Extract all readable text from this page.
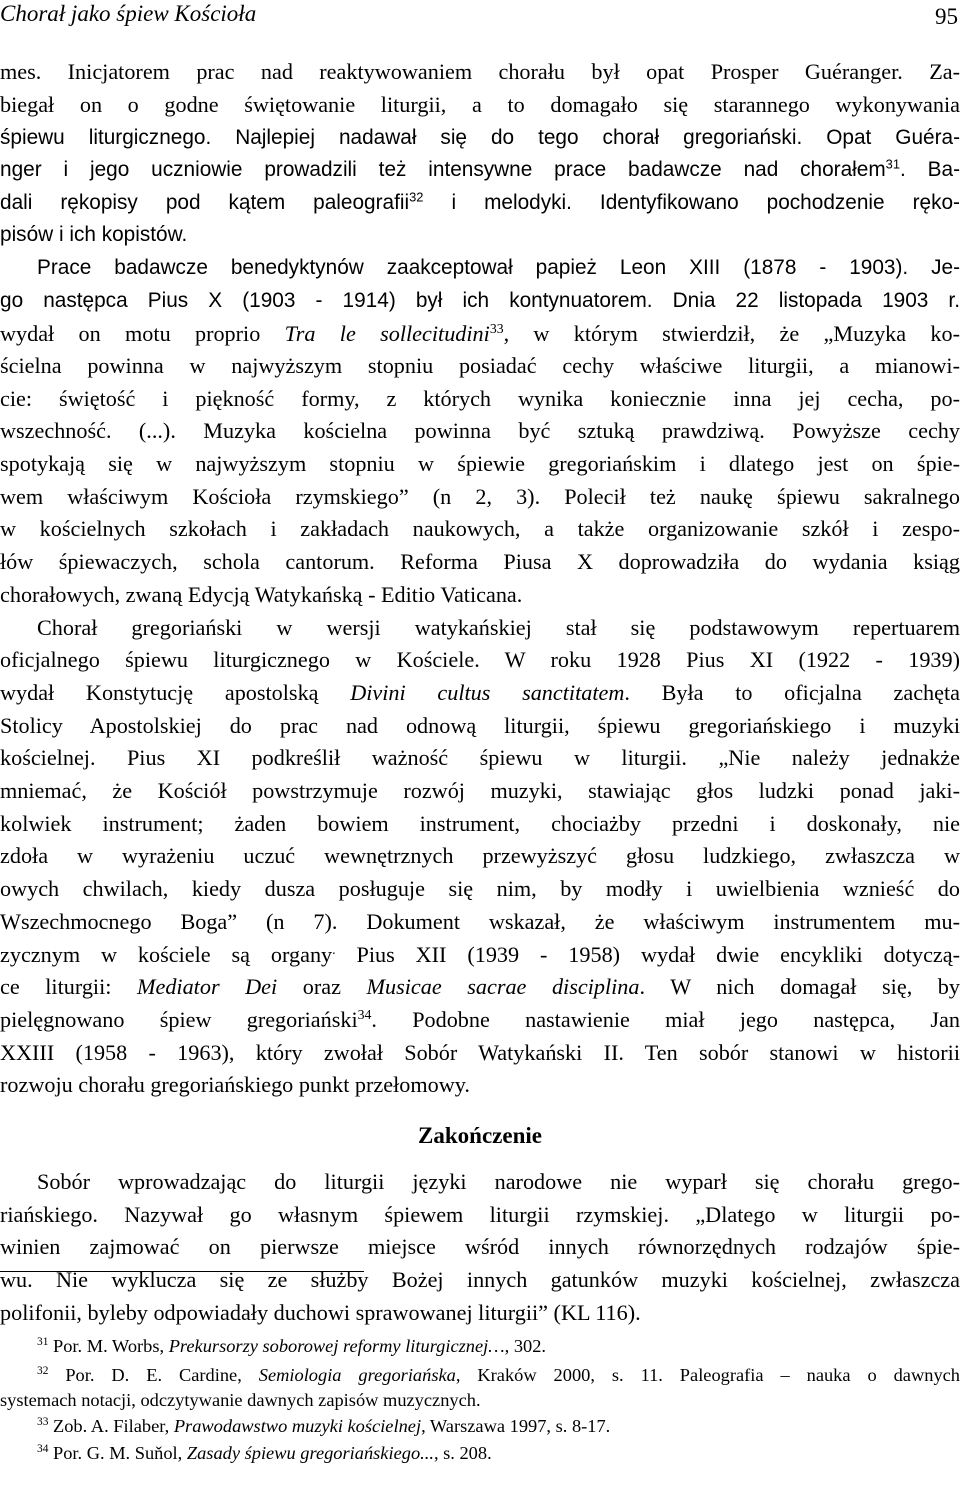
Chorał jako śpiew Kościoła	95
mes. Inicjatorem prac nad reaktywowaniem chorału był opat Prosper Guéranger. Za-
biegał on o godne świętowanie liturgii, a to domagało się starannego wykonywania
śpiewu liturgicznego. Najlepiej nadawał się do tego chorał gregoriański. Opat Guéra-
nger i jego uczniowie prowadzili też intensywne prace badawcze nad chorałem$^{31}$. Ba-
dali rękopisy pod kątem paleografii$^{32}$ i melodyki. Identyfikowano pochodzenie ręko-
pisów i ich kopistów.
Prace badawcze benedyktynów zaakceptował papież Leon XIII (1878 - 1903). Je-
go następca Pius X (1903 - 1914) był ich kontynuatorem. Dnia 22 listopada 1903 r.
wydał on motu proprio Tra le sollecitudini$^{33}$, w którym stwierdził, że „Muzyka ko-
ścielna powinna w najwyższym stopniu posiadać cechy właściwe liturgii, a mianowi-
cie: świętość i piękność formy, z których wynika koniecznie inna jej cecha, po-
wszechność. (...). Muzyka kościelna powinna być sztuką prawdziwą. Powyższe cechy
spotykają się w najwyższym stopniu w śpiewie gregoriańskim i dlatego jest on śpie-
wem właściwym Kościoła rzymskiego” (n 2, 3). Polecił też naukę śpiewu sakralnego
w kościelnych szkołach i zakładach naukowych, a także organizowanie szkół i zespo-
łów śpiewaczych, schola cantorum. Reforma Piusa X doprowadziła do wydania ksiąg
chorałowych, zwaną Edycją Watykańską - Editio Vaticana.
Chorał gregoriański w wersji watykańskiej stał się podstawowym repertuarem
oficjalnego śpiewu liturgicznego w Kościele. W roku 1928 Pius XI (1922 - 1939)
wydał Konstytucję apostolską Divini cultus sanctitatem. Była to oficjalna zachęta
Stolicy Apostolskiej do prac nad odnową liturgii, śpiewu gregoriańskiego i muzyki
kościelnej. Pius XI podkreślił ważność śpiewu w liturgii. „Nie należy jednakże
mniemać, że Kościół powstrzymuje rozwój muzyki, stawiając głos ludzki ponad jaki-
kolwiek instrument; żaden bowiem instrument, chociażby przedni i doskonały, nie
zdoła w wyrażeniu uczuć wewnętrznych przewyższyć głosu ludzkiego, zwłaszcza w
owych chwilach, kiedy dusza posługuje się nim, by modły i uwielbienia wznieść do
Wszechmocnego Boga” (n 7). Dokument wskazał, że właściwym instrumentem mu-
zycznym w kościele są organy. Pius XII (1939 - 1958) wydał dwie encykliki dotyczą-
ce liturgii: Mediator Dei oraz Musicae sacrae disciplina. W nich domagał się, by
pielęgnowano śpiew gregoriański$^{34}$. Podobne nastawienie miał jego następca, Jan
XXIII (1958 - 1963), który zwołał Sobór Watykański II. Ten sobór stanowi w historii
rozwoju chorału gregoriańskiego punkt przełomowy.
Zakończenie
Sobór wprowadzając do liturgii języki narodowe nie wyparł się chorału grego-
riańskiego. Nazywał go własnym śpiewem liturgii rzymskiej. „Dlatego w liturgii po-
winien zajmować on pierwsze miejsce wśród innych równorzędnych rodzajów śpie-
wu. Nie wyklucza się ze służby Bożej innych gatunków muzyki kościelnej, zwłaszcza
polifonii, byleby odpowiadały duchowi sprawowanej liturgii” (KL 116).
$^{31}$ Por. M. Worbs, Prekursorzy soborowej reformy liturgicznej…, 302.
$^{32}$ Por. D. E. Cardine, Semiologia gregoriańska, Kraków 2000, s. 11. Paleografia – nauka o dawnych
systemach notacji, odczytywanie dawnych zapisów muzycznych.
$^{33}$ Zob. A. Filaber, Prawodawstwo muzyki kościelnej, Warszawa 1997, s. 8-17.
$^{34}$ Por. G. M. Suňol, Zasady śpiewu gregoriańskiego..., s. 208.
